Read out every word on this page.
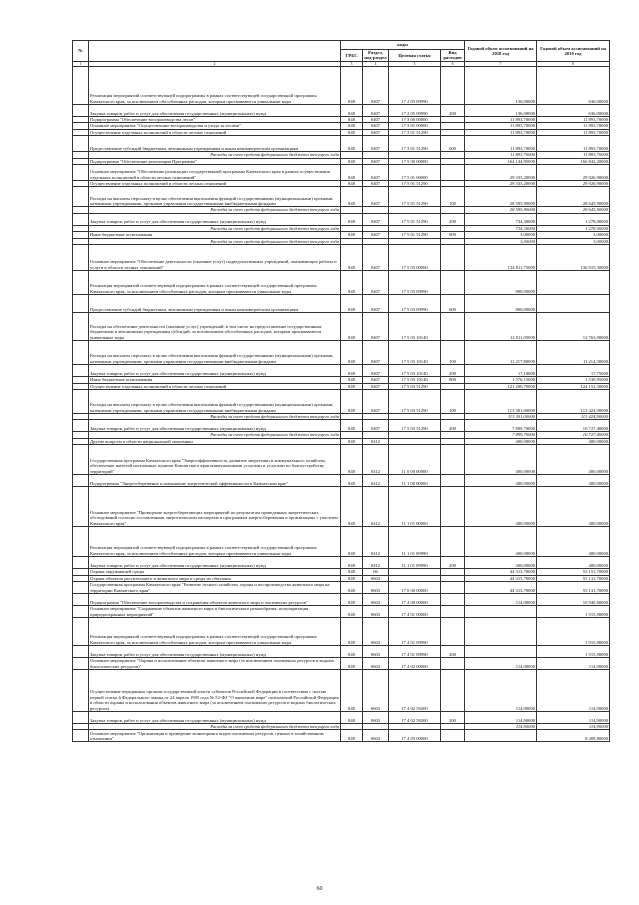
№		коды				Годовой объем ассигнований на 2018 год	Годовой объем ассигнований на 2019 год
		ГРБС	Раздел, под-раздел	Целевая статья	Вид расходов		
1	2	3	4	5	6	7	8
	Реализация мероприятий соответствующей подпрограммы в рамках соответствующей государственной программы Камчатского края, за исключением обособленных расходов, которым присваиваются уникальные коды	848	0407	17 2 05 09990		136,00000	636,00000
	Закупка товаров, работ и услуг для обеспечения государственных (муниципальных) нужд	848	0407	17 2 05 09990	200	136,00000	636,00000
	Подпрограмма "Обеспечение воспроизводства лесов"	848	0407	17 3 00 00000		11 893,70000	11 893,70000
	Основное мероприятие "Осуществление воспроизводства и ухода за лесами"	848	0407	17 3 01 00000		11 893,70000	11 893,70000
	Осуществление отдельных полномочий в области лесных отношений	848	0407	17 3 01 51290		11 893,70000	11 893,70000
	Предоставление субсидий бюджетным, автономным учреждениям и иным некоммерческим организациям	848	0407	17 3 01 51290	600	11 893,70000	11 893,70000
	Расходы за счет средств федерального бюджета текущего года					11 893,70000	11 893,70000
	Подпрограмма "Обеспечение реализации Программы"	848	0407	17 5 00 00000		164 144,95000	166 842,20000
	Основное мероприятие "Обеспечение реализации государственной программы Камчатского края в рамках осуществления отдельных полномочий в области лесных отношений"	848	0407	17 5 01 00000		29 333,20000	29 926,90000
	Осуществление отдельных полномочий в области лесных отношений	848	0407	17 5 01 51290		29 333,20000	29 926,90000
	Расходы на выплаты персоналу в целях обеспечения выполнения функций государственными (муниципальными) органами, казенными учреждениями, органами управления государственными внебюджетными фондами	848	0407	17 5 01 51290	100	28 595,90000	28 645,90000
	Расходы за счет средств федерального бюджета текущего года					28 595,90000	28 645,90000
	Закупка товаров, работ и услуг для обеспечения государственных (муниципальных) нужд	848	0407	17 5 01 51290	200	734,30000	1 278,00000
	Расходы за счет средств федерального бюджета текущего года					734,30000	1 278,00000
	Иные бюджетные ассигнования	848	0407	17 5 01 51290	800	3,00000	3,00000
	Расходы за счет средств федерального бюджета текущего года					3,00000	3,00000
	Основное мероприятие "Обеспечение деятельности (оказание услуг) подведомственных учреждений, оказывающих работы и услуги в области лесных отношений"	848	0407	17 5 03 00000		134 811,75000	136 915,30000
	Реализация мероприятий соответствующей подпрограммы в рамках соответствующей государственной программы Камчатского края, за исключением обособленных расходов, которым присваиваются уникальные коды	848	0407	17 5 03 09990		800,00000	
	Предоставление субсидий бюджетным, автономным учреждениям и иным некоммерческим организациям	848	0407	17 5 03 09990	600	800,00000	
	Расходы на обеспечение деятельности (оказание услуг) учреждений, в том числе на предоставление государственным бюджетным и автономным учреждениям субсидий, за исключением обособленных расходов, которым присваиваются уникальные коды	848	0407	17 5 03 10140		12 811,05000	12 763,00000
	Расходы на выплаты персоналу в целях обеспечения выполнения функций государственными (муниципальными) органами, казенными учреждениями, органами управления государственными внебюджетными фондами	848	0407	17 5 03 10140	100	11 217,80000	11 214,30000
	Закупка товаров, работ и услуг для обеспечения государственных (муниципальных) нужд	848	0407	17 5 03 10140	200	17,10000	17,75000
	Иные бюджетные ассигнования	848	0407	17 5 03 10140	800	1 576,15000	1 530,95000
	Осуществление отдельных полномочий в области лесных отношений	848	0407	17 5 03 51290		121 200,70000	124 152,30000
	Расходы на выплаты персоналу в целях обеспечения выполнения функций государственными (муниципальными) органами, казенными учреждениями, органами управления государственными внебюджетными фондами	848	0407	17 5 03 51290	100	113 301,00000	113 424,90000
	Расходы за счет средств федерального бюджета текущего года					113 301,00000	113 424,90000
	Закупка товаров, работ и услуг для обеспечения государственных (муниципальных) нужд	848	0407	17 5 03 51290	200	7 899,70000	10 727,40000
	Расходы за счет средств федерального бюджета текущего года					7 899,70000	10 727,40000
	Другие вопросы в области национальной экономики	848	0412			400,00000	400,00000
	Государственная программа Камчатского края "Энергоэффективность, развитие энергетики и коммунального хозяйства, обеспечение жителей населенных пунктов Камчатского края коммунальными услугами и услугами по благоустройству территорий"	848	0412	11 0 00 00000		400,00000	400,00000
	Подпрограмма "Энергосбережение и повышение энергетической эффективности в Камчатском крае"	848	0412	11 1 00 00000		400,00000	400,00000
	Основное мероприятие "Проведение энергосберегающих мероприятий по результатам проведенных энергетических обследований согласно составленным энергетическим паспортам и программам энергосбережения в организациях с участием Камчатского края"	848	0412	11 1 01 00000		400,00000	400,00000
	Реализация мероприятий соответствующей подпрограммы в рамках соответствующей государственной программы Камчатского края, за исключением обособленных расходов, которым присваиваются уникальные коды	848	0412	11 1 01 09990		400,00000	400,00000
	Закупка товаров, работ и услуг для обеспечения государственных (муниципальных) нужд	848	0412	11 1 01 09990	200	400,00000	400,00000
	Охрана окружающей среды	848	06			44 313,70000	55 151,70000
	Охрана объектов растительного и животного мира и среды их обитания	848	0603			44 313,70000	55 131,70000
	Государственная программа Камчатского края "Развитие лесного хозяйства, охрана и воспроизводство животного мира на территории Камчатского края"	848	0603	17 0 00 00000		44 313,70000	55 131,70000
	Подпрограмма "Обеспечение воспроизводства и сохранения объектов животного мира и охотничьих ресурсов"	848	0603	17 4 00 00000		114,90000	10 940,60000
	Основное мероприятие "Сохранение объектов животного мира и биологического разнообразия, популяризация природоохранных мероприятий"	848	0603	17 4 01 00000			1 915,90000
	Реализация мероприятий соответствующей подпрограммы в рамках соответствующей государственной программы Камчатского края, за исключением обособленных расходов, которым присваиваются уникальные коды	848	0603	17 4 01 09990			1 915,90000
	Закупка товаров, работ и услуг для обеспечения государственных (муниципальных) нужд	848	0603	17 4 01 09990	200		1 915,90000
	Основное мероприятие "Охрана и использование объектов животного мира (за исключением охотничьих ресурсов и водных биологических ресурсов)"	848	0603	17 4 02 00000		114,90000	114,90000
	Осуществление переданных органам государственной власти субъектов Российской Федерации в соответствии с частью первой статьи 6 Федерального закона от 24 апреля 1995 года № 52-ФЗ "О животном мире" полномочий Российской Федерации в области охраны и использования объектов животного мира (за исключением охотничьих ресурсов и водных биологических ресурсов)	848	0603	17 4 02 59200		114,90000	114,90000
	Закупка товаров, работ и услуг для обеспечения государственных (муниципальных) нужд	848	0603	17 4 02 59200	200	114,90000	114,90000
	Расходы за счет средств федерального бюджета текущего года					114,90000	114,90000
	Основное мероприятие "Организация и проведение мониторинга видов охотничьих ресурсов, ценных в хозяйственном отношении"	848	0603	17 4 05 00000			8 409,80000
60
